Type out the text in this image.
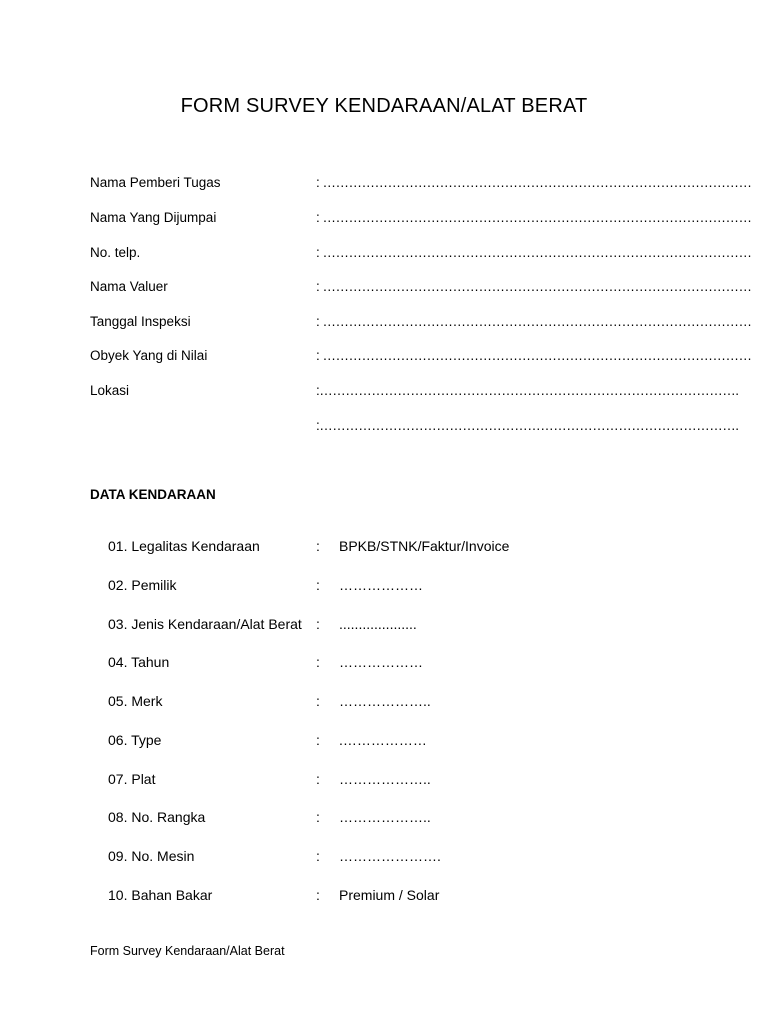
FORM SURVEY KENDARAAN/ALAT BERAT
Nama Pemberi Tugas	: ………………………………………………………………………………………
Nama Yang Dijumpai	: ………………………………………………………………………………………
No. telp.	: ………………………………………………………………………………………
Nama Valuer	: ………………………………………………………………………………………
Tanggal Inspeksi	: ………………………………………………………………………………………
Obyek Yang di Nilai	: ………………………………………………………………………………………
Lokasi	:…………………………………………………………………………………….
:…………………………………………………………………………………….
DATA KENDARAAN
01. Legalitas Kendaraan	: BPKB/STNK/Faktur/Invoice
02. Pemilik	: ………………
03. Jenis Kendaraan/Alat Berat : ....................
04. Tahun	: ………………
05. Merk	: ………………..
06. Type	: .………………
07. Plat	: ………………..
08. No. Rangka	: ………………..
09. No. Mesin	: ………………….
10. Bahan Bakar	: Premium / Solar
Form Survey Kendaraan/Alat Berat
